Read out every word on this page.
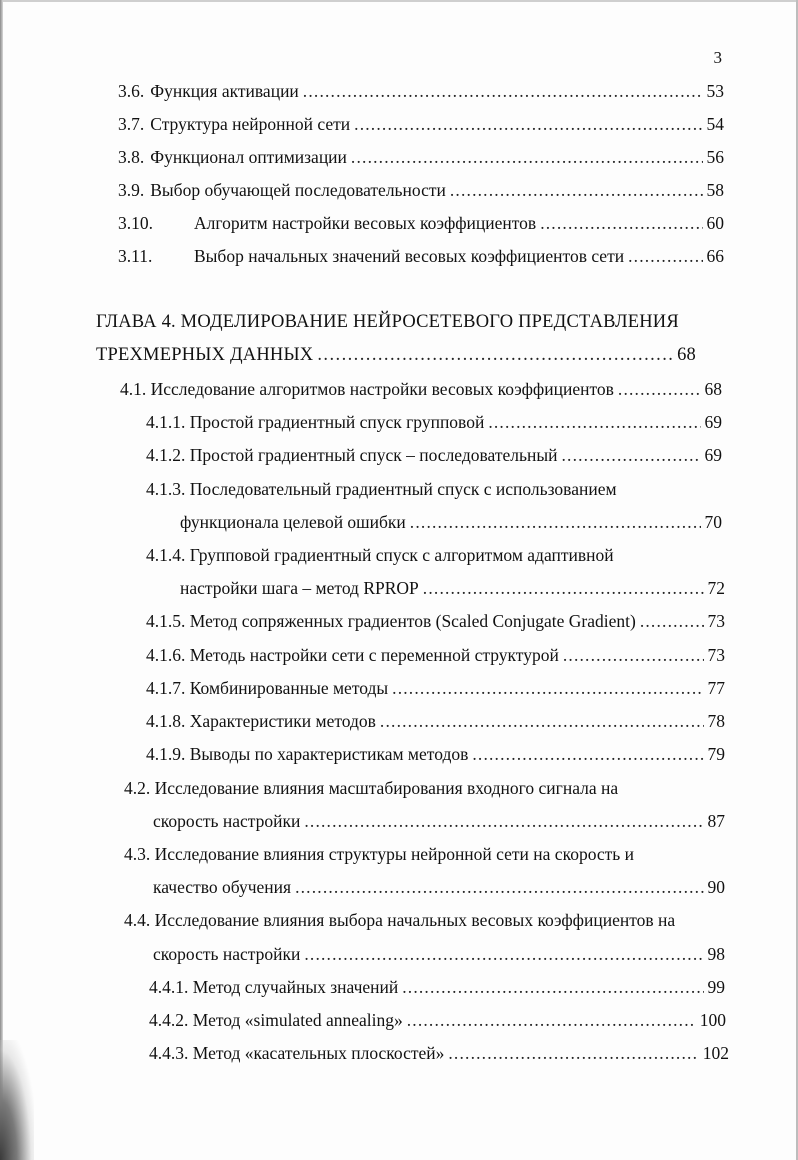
3
3.6. Функция активации . . .	53
3.7. Структура нейронной сети . . .	54
3.8. Функционал оптимизации . . .	56
3.9. Выбор обучающей последовательности . . .	58
3.10.	Алгоритм настройки весовых коэффициентов . . .	60
3.11.	Выбор начальных значений весовых коэффициентов сети . . .	66
ГЛАВА 4. МОДЕЛИРОВАНИЕ НЕЙРОСЕТЕВОГО ПРЕДСТАВЛЕНИЯ
ТРЕХМЕРНЫХ ДАННЫХ . . .	68
4.1. Исследование алгоритмов настройки весовых коэффициентов . . .	68
4.1.1. Простой градиентный спуск групповой . . .	69
4.1.2. Простой градиентный спуск – последовательный . . .	69
4.1.3. Последовательный градиентный спуск с использованием
функционала целевой ошибки . . .	70
4.1.4. Групповой градиентный спуск с алгоритмом адаптивной
настройки шага – метод RPROP . . .	72
4.1.5. Метод сопряженных градиентов (Scaled Conjugate Gradient) . . .	73
4.1.6. Методь настройки сети с переменной структурой . . .	73
4.1.7. Комбинированные методы . . .	77
4.1.8. Характеристики методов . . .	78
4.1.9. Выводы по характеристикам методов . . .	79
4.2. Исследование влияния масштабирования входного сигнала на
скорость настройки . . .	87
4.3. Исследование влияния структуры нейронной сети на скорость и
качество обучения . . .	90
4.4. Исследование влияния выбора начальных весовых коэффициентов на
скорость настройки . . .	98
4.4.1. Метод случайных значений . . .	99
4.4.2. Метод «simulated annealing» . . .	100
4.4.3. Метод «касательных плоскостей» . . .	102
